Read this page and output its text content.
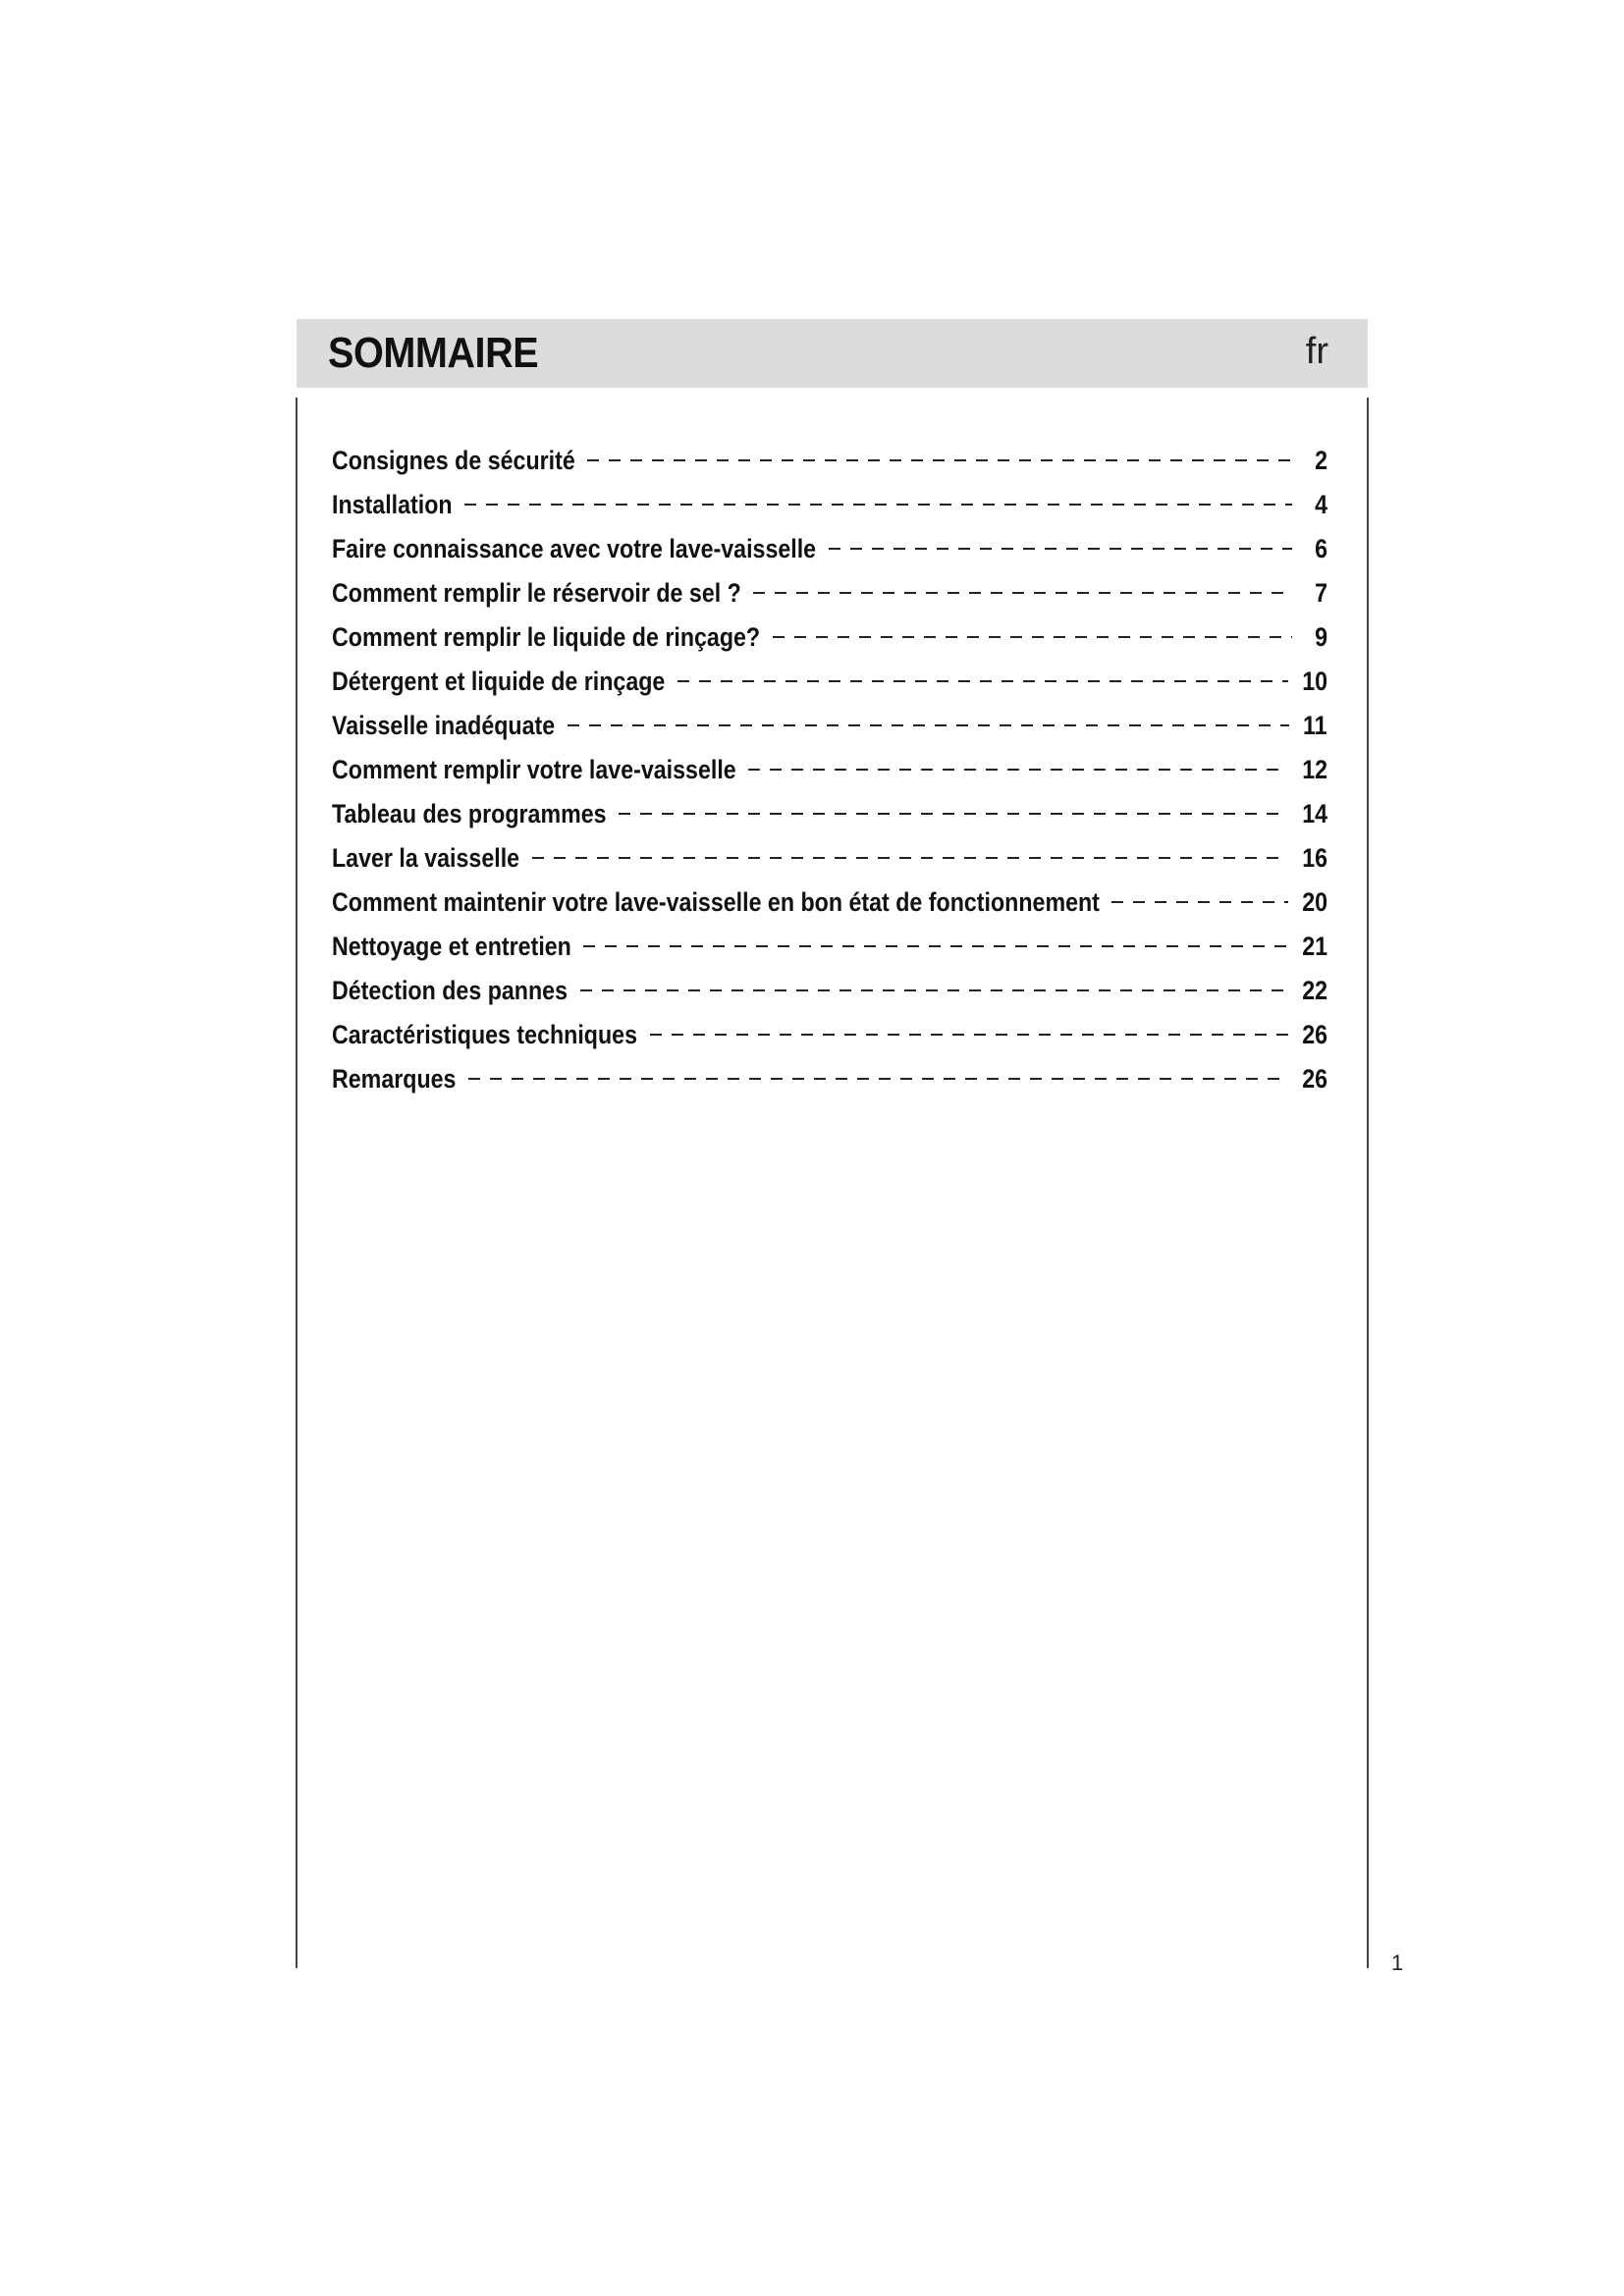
SOMMAIRE	fr
Consignes de sécurité	2
Installation	4
Faire connaissance avec votre lave-vaisselle	6
Comment remplir le réservoir de sel ?	7
Comment remplir le liquide de rinçage?	9
Détergent et liquide de rinçage	10
Vaisselle inadéquate	11
Comment remplir votre lave-vaisselle	12
Tableau des programmes	14
Laver la vaisselle	16
Comment maintenir votre lave-vaisselle en bon état de fonctionnement	20
Nettoyage et entretien	21
Détection des pannes	22
Caractéristiques techniques	26
Remarques	26
1
